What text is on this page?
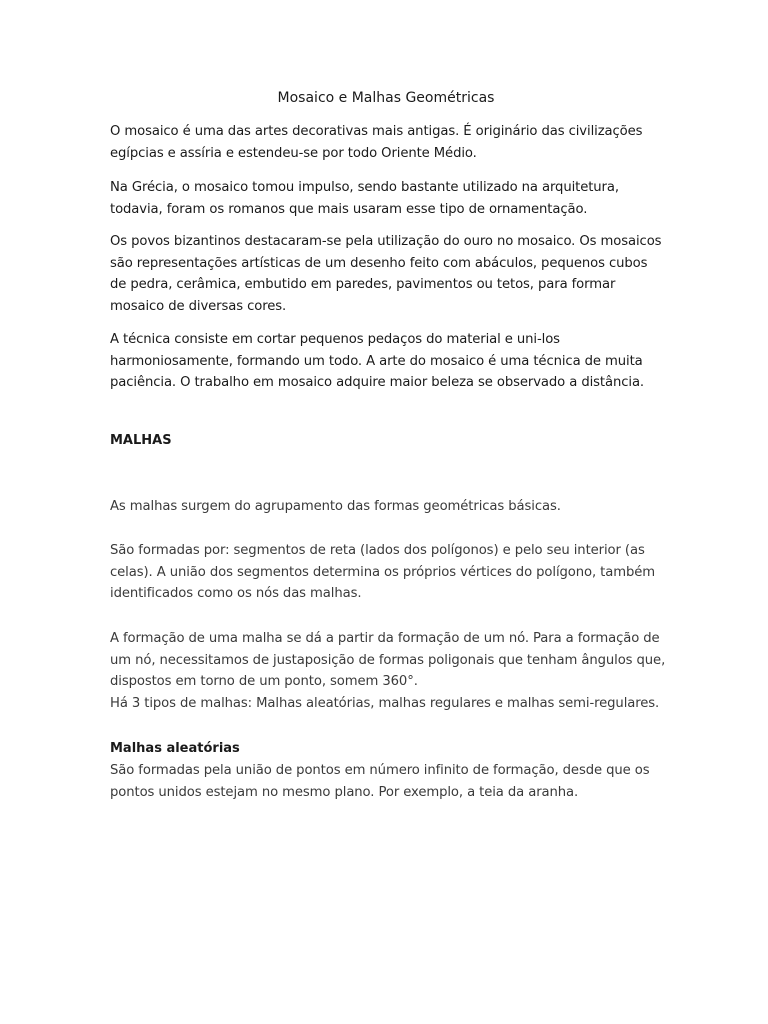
Mosaico e Malhas Geométricas
O mosaico é uma das artes decorativas mais antigas. É originário das civilizações
egípcias e assíria e estendeu-se por todo Oriente Médio.
Na Grécia, o mosaico tomou impulso, sendo bastante utilizado na arquitetura,
todavia, foram os romanos que mais usaram esse tipo de ornamentação.
Os povos bizantinos destacaram-se pela utilização do ouro no mosaico. Os mosaicos
são representações artísticas de um desenho feito com abáculos, pequenos cubos
de pedra, cerâmica, embutido em paredes, pavimentos ou tetos, para formar
mosaico de diversas cores.
A técnica consiste em cortar pequenos pedaços do material e uni-los
harmoniosamente, formando um todo. A arte do mosaico é uma técnica de muita
paciência. O trabalho em mosaico adquire maior beleza se observado a distância.
MALHAS
As malhas surgem do agrupamento das formas geométricas básicas.
São formadas por: segmentos de reta (lados dos polígonos) e pelo seu interior (as
celas). A união dos segmentos determina os próprios vértices do polígono, também
identificados como os nós das malhas.
A formação de uma malha se dá a partir da formação de um nó. Para a formação de
um nó, necessitamos de justaposição de formas poligonais que tenham ângulos que,
dispostos em torno de um ponto, somem 360°.
Há 3 tipos de malhas: Malhas aleatórias, malhas regulares e malhas semi-regulares.
Malhas aleatórias
São formadas pela união de pontos em número infinito de formação, desde que os
pontos unidos estejam no mesmo plano. Por exemplo, a teia da aranha.
